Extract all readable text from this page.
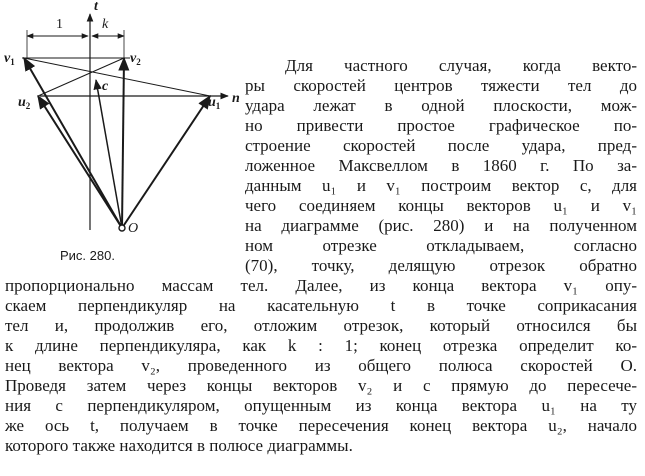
t
n
1	k
$v_1$	$v_2$
$u_1$
$u_2$
c
O
Рис. 280.
Для частного случая, когда векто-
ры скоростей центров тяжести тел до
удара лежат в одной плоскости, мож-
но привести простое графическое по-
строение скоростей после удара, пред-
ложенное Максвеллом в 1860 г. По за-
данным u₁ и v₁ построим вектор c, для
чего соединяем концы векторов u₁ и v₁
на диаграмме (рис. 280) и на полученном
ном отрезке откладываем, согласно
(70), точку, делящую отрезок обратно
пропорционально массам тел. Далее, из конца вектора v₁ опу-
скаем перпендикуляр на касательную t в точке соприкасания
тел и, продолжив его, отложим отрезок, который относился бы
к длине перпендикуляра, как k : 1; конец отрезка определит ко-
нец вектора v₂, проведенного из общего полюса скоростей O.
Проведя затем через концы векторов v₂ и c прямую до пересече-
ния с перпендикуляром, опущенным из конца вектора u₁ на ту
же ось t, получаем в точке пересечения конец вектора u₂, начало
которого также находится в полюсе диаграммы.
